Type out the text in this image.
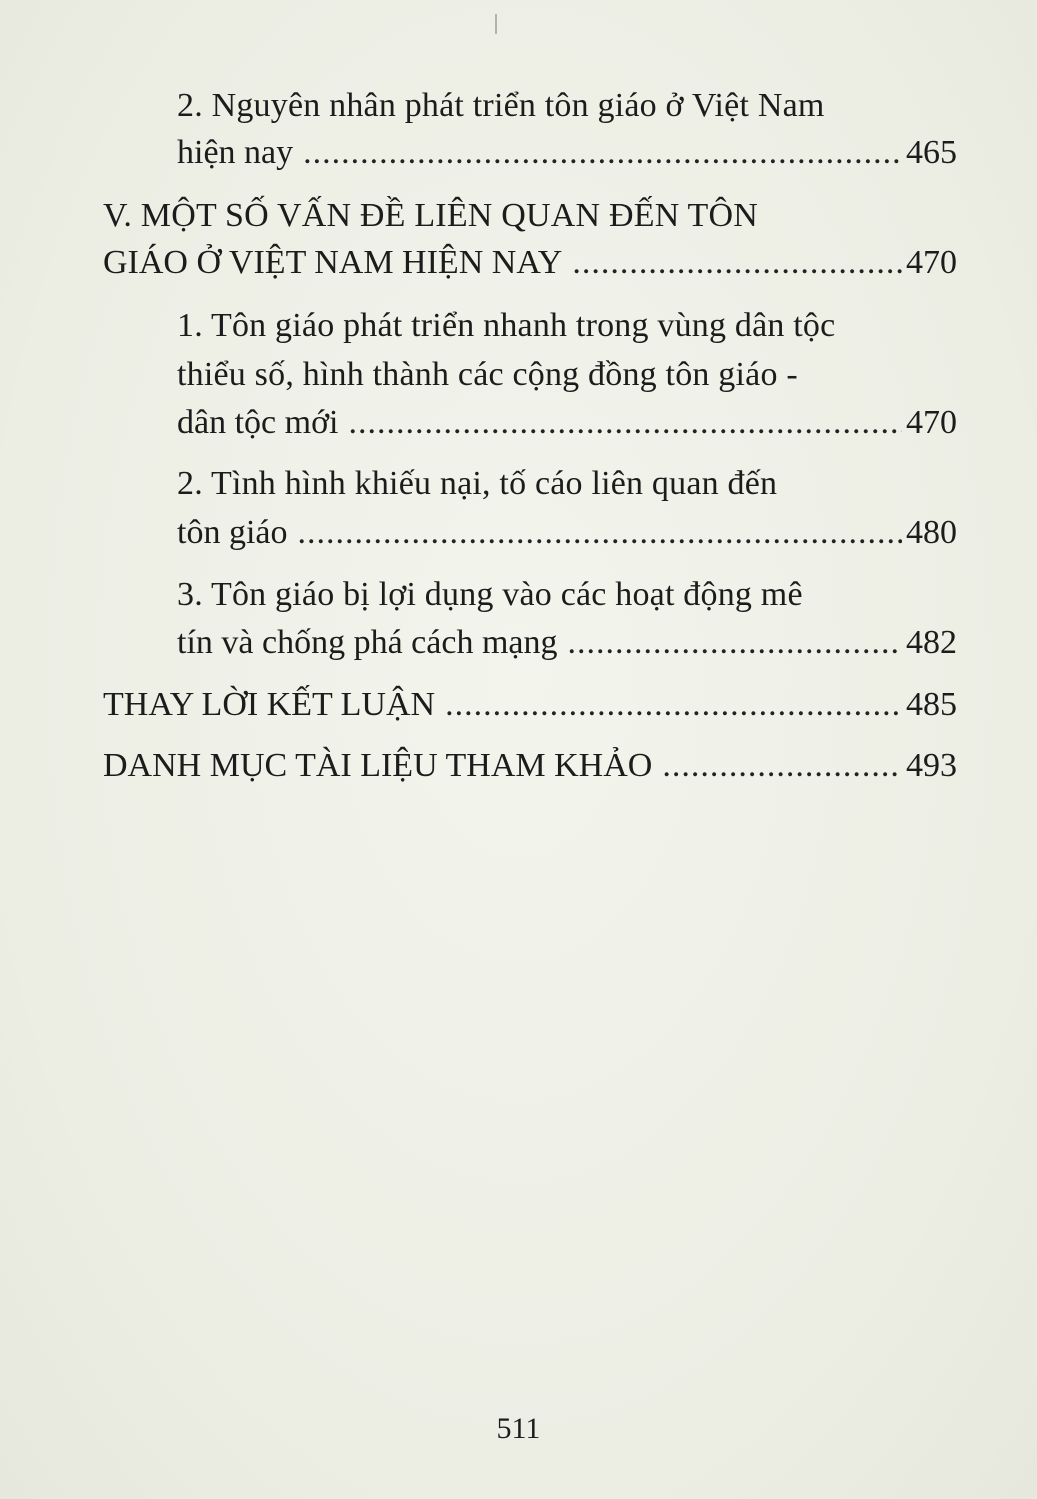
2. Nguyên nhân phát triển tôn giáo ở Việt Nam
hiện nay .....	465
V. MỘT SỐ VẤN ĐỀ LIÊN QUAN ĐẾN TÔN
GIÁO Ở VIỆT NAM HIỆN NAY .....	470
1. Tôn giáo phát triển nhanh trong vùng dân tộc
thiểu số, hình thành các cộng đồng tôn giáo -
dân tộc mới .....	470
2. Tình hình khiếu nại, tố cáo liên quan đến
tôn giáo .....	480
3. Tôn giáo bị lợi dụng vào các hoạt động mê
tín và chống phá cách mạng .....	482
THAY LỜI KẾT LUẬN .....	485
DANH MỤC TÀI LIỆU THAM KHẢO .....	493
511
